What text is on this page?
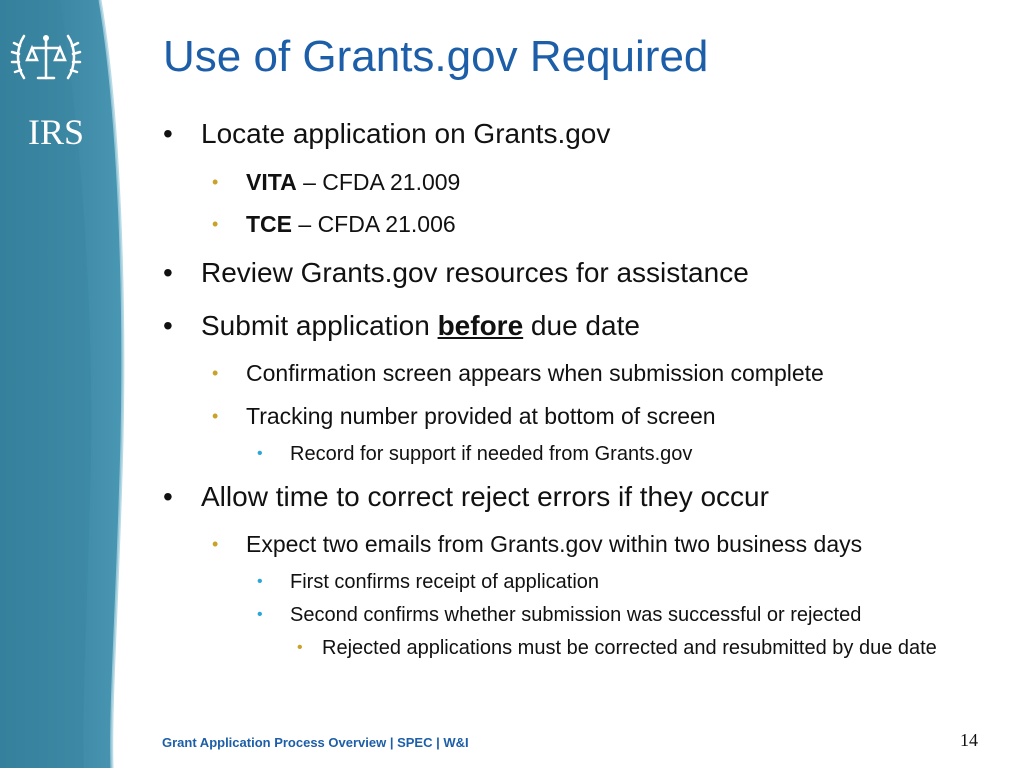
IRS
Use of Grants.gov Required
• Locate application on Grants.gov
• VITA – CFDA 21.009
• TCE – CFDA 21.006
• Review Grants.gov resources for assistance
• Submit application before due date
• Confirmation screen appears when submission complete
• Tracking number provided at bottom of screen
• Record for support if needed from Grants.gov
• Allow time to correct reject errors if they occur
• Expect two emails from Grants.gov within two business days
• First confirms receipt of application
• Second confirms whether submission was successful or rejected
• Rejected applications must be corrected and resubmitted by due date
Grant Application Process Overview | SPEC | W&I	14
